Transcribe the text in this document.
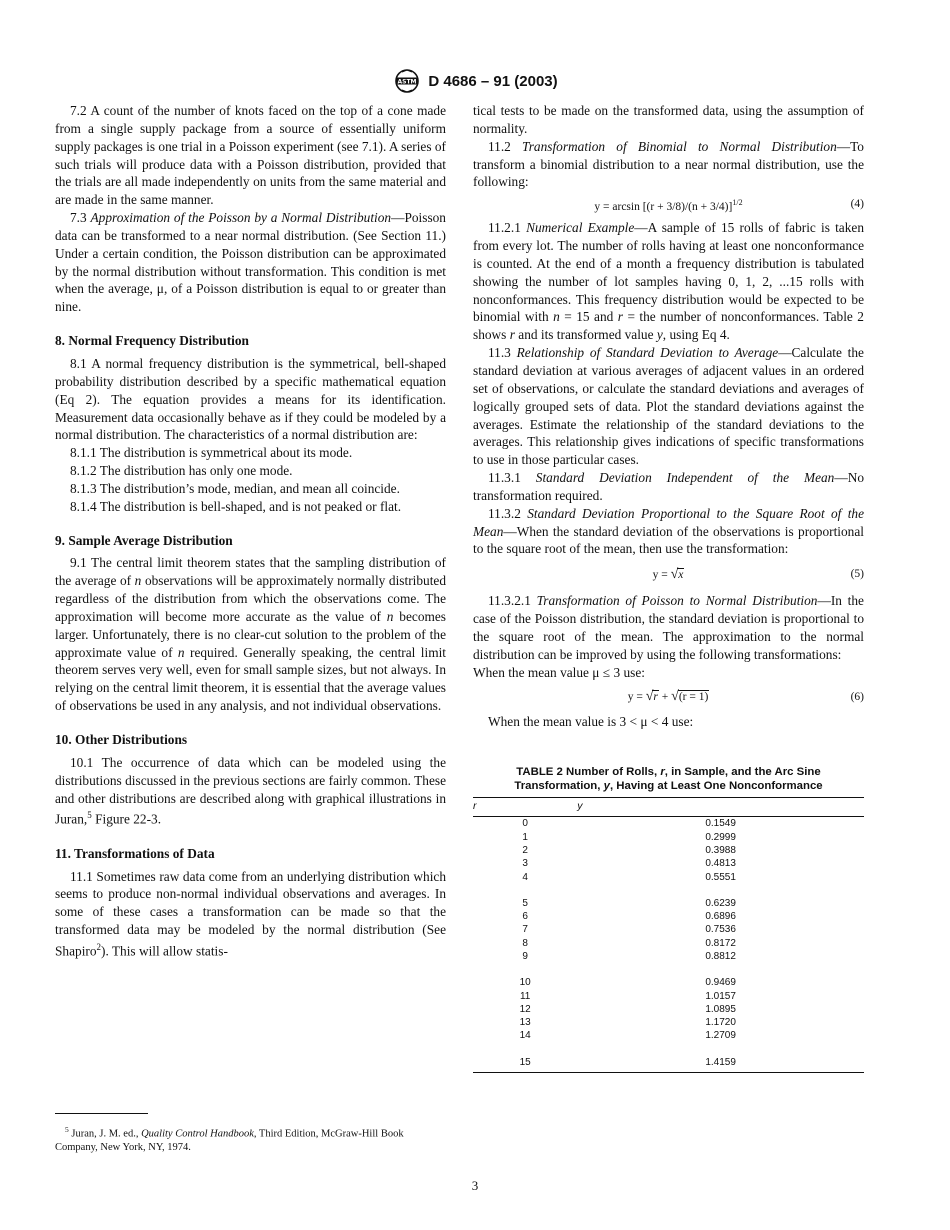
ASTM D 4686 – 91 (2003)

7.2 A count of the number of knots faced on the top of a cone made from a single supply package from a source of essentially uniform supply packages is one trial in a Poisson experiment (see 7.1). A series of such trials will produce data with a Poisson distribution, provided that the trials are all made independently on units from the same material and are made in the same manner.

7.3 Approximation of the Poisson by a Normal Distribution—Poisson data can be transformed to a near normal distribution. (See Section 11.) Under a certain condition, the Poisson distribution can be approximated by the normal distribution without transformation. This condition is met when the average, μ, of a Poisson distribution is equal to or greater than nine.

8. Normal Frequency Distribution

8.1 A normal frequency distribution is the symmetrical, bell-shaped probability distribution described by a specific mathematical equation (Eq 2). The equation provides a means for its identification. Measurement data occasionally behave as if they could be modeled by a normal distribution. The characteristics of a normal distribution are:

8.1.1 The distribution is symmetrical about its mode.

8.1.2 The distribution has only one mode.

8.1.3 The distribution’s mode, median, and mean all coincide.

8.1.4 The distribution is bell-shaped, and is not peaked or flat.

9. Sample Average Distribution

9.1 The central limit theorem states that the sampling distribution of the average of n observations will be approximately normally distributed regardless of the distribution from which the observations come. The approximation will become more accurate as the value of n becomes larger. Unfortunately, there is no clear-cut solution to the problem of the approximate value of n required. Generally speaking, the central limit theorem serves very well, even for small sample sizes, but not always. In relying on the central limit theorem, it is essential that the average values of observations be used in any analysis, and not individual observations.

10. Other Distributions

10.1 The occurrence of data which can be modeled using the distributions discussed in the previous sections are fairly common. These and other distributions are described along with graphical illustrations in Juran,$^5$ Figure 22-3.

11. Transformations of Data

11.1 Sometimes raw data come from an underlying distribution which seems to produce non-normal individual observations and averages. In some of these cases a transformation can be made so that the transformed data may be modeled by the normal distribution (See Shapiro$^2$). This will allow statis-

$^5$ Juran, J. M. ed., Quality Control Handbook, Third Edition, McGraw-Hill Book Company, New York, NY, 1974.

tical tests to be made on the transformed data, using the assumption of normality.

11.2 Transformation of Binomial to Normal Distribution—To transform a binomial distribution to a near normal distribution, use the following:

$y = \arcsin [(r + 3/8)/(n + 3/4)]^{1/2}$	(4)

11.2.1 Numerical Example—A sample of 15 rolls of fabric is taken from every lot. The number of rolls having at least one nonconformance is counted. At the end of a month a frequency distribution is tabulated showing the number of lot samples having 0, 1, 2, ...15 rolls with nonconformances. This frequency distribution would be expected to be binomial with n = 15 and r = the number of nonconformances. Table 2 shows r and its transformed value y, using Eq 4.

11.3 Relationship of Standard Deviation to Average—Calculate the standard deviation at various averages of adjacent values in an ordered set of observations, or calculate the standard deviations and averages of logically grouped sets of data. Plot the standard deviations against the averages. Estimate the relationship of the standard deviations to the averages. This relationship gives indications of specific transformations to use in those particular cases.

11.3.1 Standard Deviation Independent of the Mean—No transformation required.

11.3.2 Standard Deviation Proportional to the Square Root of the Mean—When the standard deviation of the observations is proportional to the square root of the mean, then use the transformation:

y = √x	(5)

11.3.2.1 Transformation of Poisson to Normal Distribution—In the case of the Poisson distribution, the standard deviation is proportional to the square root of the mean. The approximation to the normal distribution can be improved by using the following transformations:

When the mean value μ ≤ 3 use:

y = √r + √(r = 1)	(6)

When the mean value is 3 < μ < 4 use:

TABLE 2 Number of Rolls, r, in Sample, and the Arc Sine Transformation, y, Having at Least One Nonconformance
r	y
0	0.1549
1	0.2999
2	0.3988
3	0.4813
4	0.5551
5	0.6239
6	0.6896
7	0.7536
8	0.8172
9	0.8812
10	0.9469
11	1.0157
12	1.0895
13	1.1720
14	1.2709
15	1.4159
3
